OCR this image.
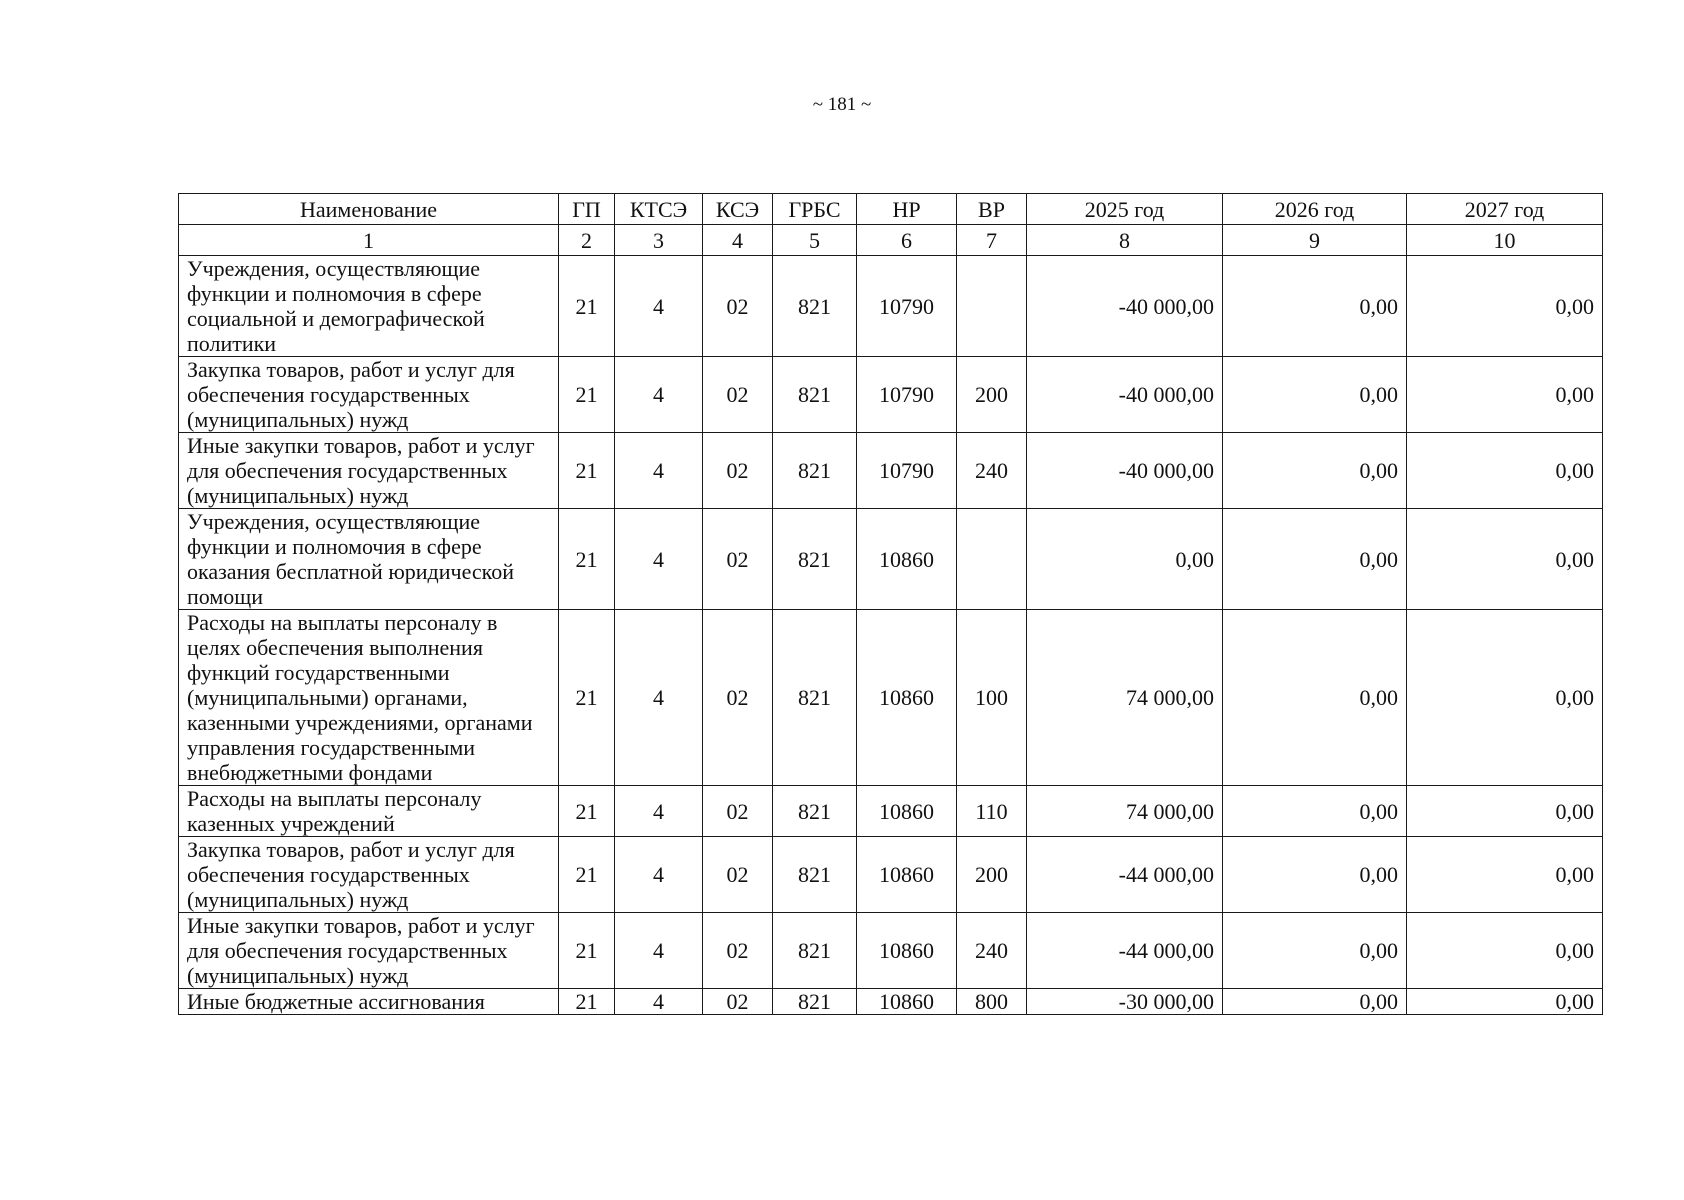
~ 181 ~
Наименование	ГП	КТСЭ	КСЭ	ГРБС	НР	ВР	2025 год	2026 год	2027 год
1	2	3	4	5	6	7	8	9	10
Учреждения, осуществляющие функции и полномочия в сфере социальной и демографической политики	21	4	02	821	10790		-40 000,00	0,00	0,00
Закупка товаров, работ и услуг для обеспечения государственных (муниципальных) нужд	21	4	02	821	10790	200	-40 000,00	0,00	0,00
Иные закупки товаров, работ и услуг для обеспечения государственных (муниципальных) нужд	21	4	02	821	10790	240	-40 000,00	0,00	0,00
Учреждения, осуществляющие функции и полномочия в сфере оказания бесплатной юридической помощи	21	4	02	821	10860		0,00	0,00	0,00
Расходы на выплаты персоналу в целях обеспечения выполнения функций государственными (муниципальными) органами, казенными учреждениями, органами управления государственными внебюджетными фондами	21	4	02	821	10860	100	74 000,00	0,00	0,00
Расходы на выплаты персоналу казенных учреждений	21	4	02	821	10860	110	74 000,00	0,00	0,00
Закупка товаров, работ и услуг для обеспечения государственных (муниципальных) нужд	21	4	02	821	10860	200	-44 000,00	0,00	0,00
Иные закупки товаров, работ и услуг для обеспечения государственных (муниципальных) нужд	21	4	02	821	10860	240	-44 000,00	0,00	0,00
Иные бюджетные ассигнования	21	4	02	821	10860	800	-30 000,00	0,00	0,00
